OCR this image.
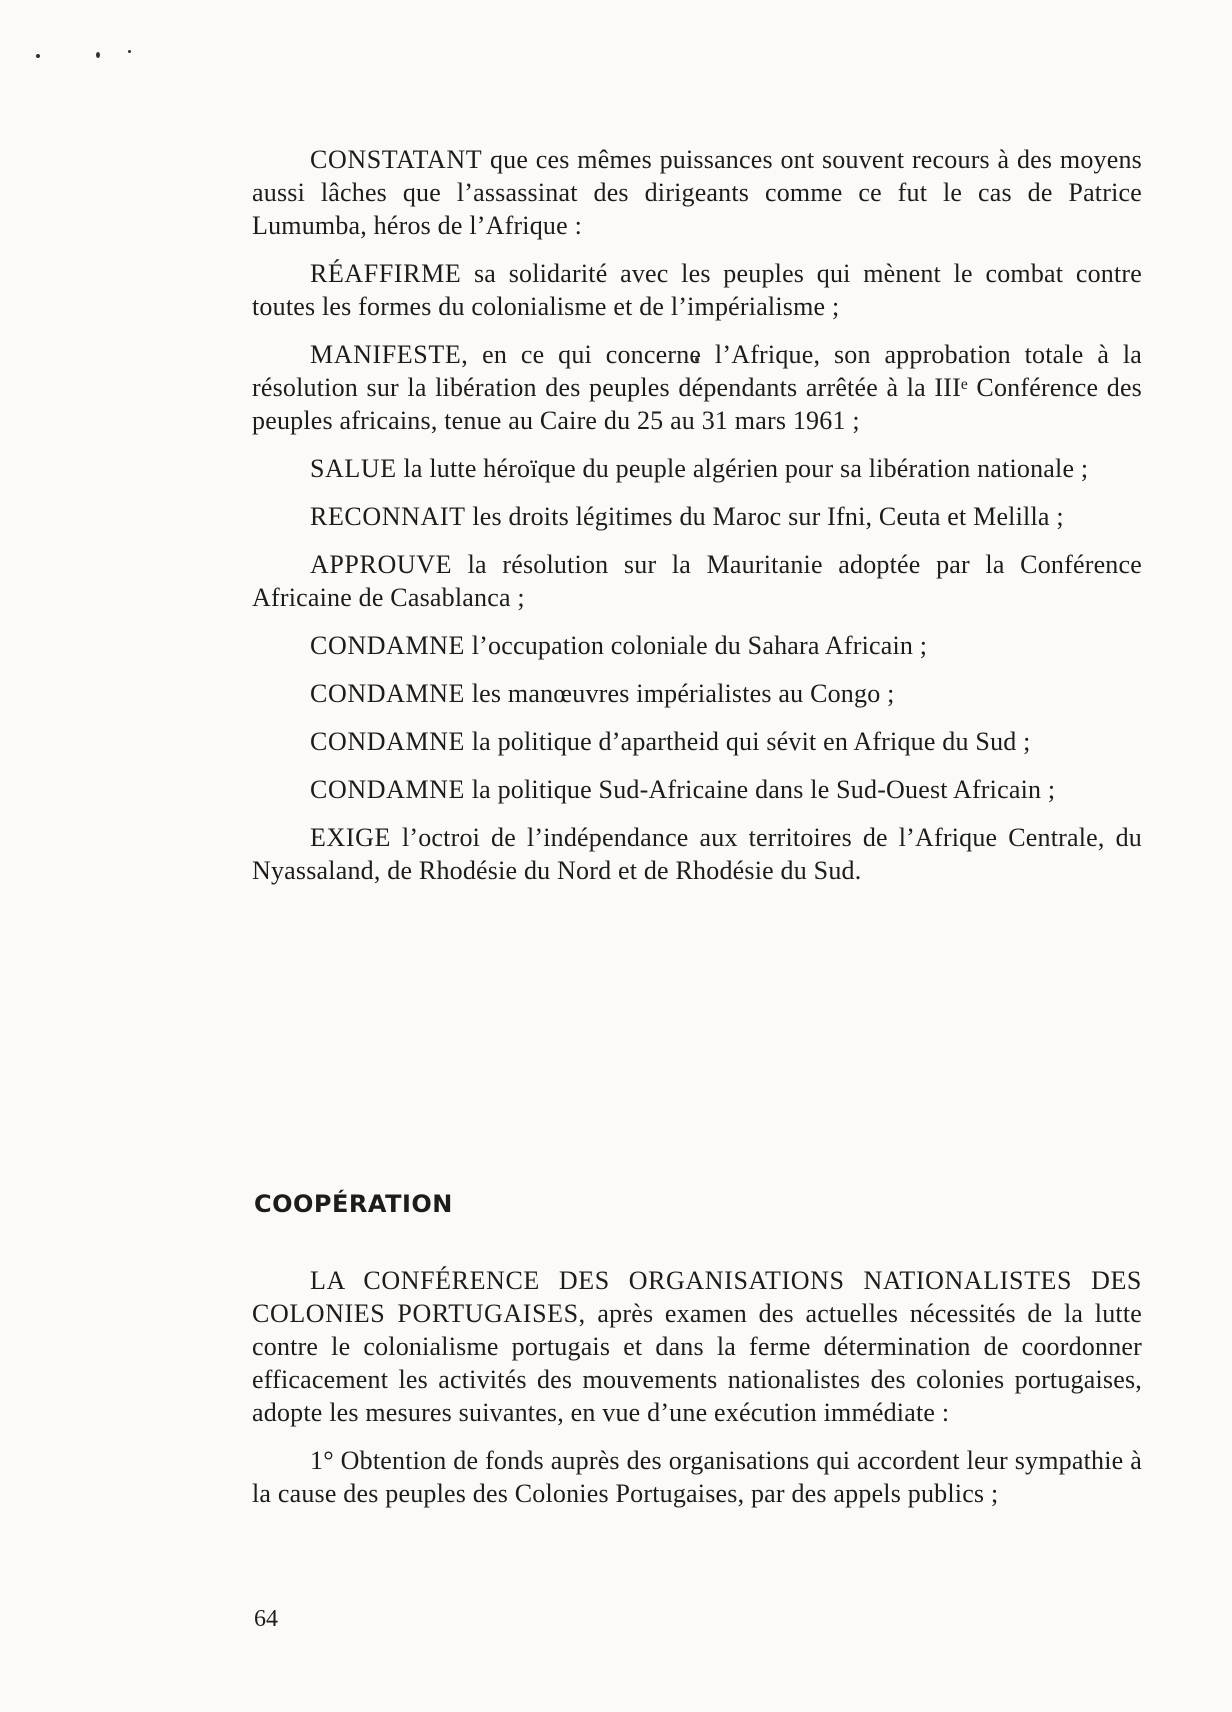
CONSTATANT que ces mêmes puissances ont souvent recours à des moyens aussi lâches que l’assassinat des dirigeants comme ce fut le cas de Patrice Lumumba, héros de l’Afrique :

RÉAFFIRME sa solidarité avec les peuples qui mènent le combat contre toutes les formes du colonialisme et de l’impérialisme ;

MANIFESTE, en ce qui concerne l’Afrique, son approbation totale à la résolution sur la libération des peuples dépendants arrêtée à la IIIᵉ Conférence des peuples africains, tenue au Caire du 25 au 31 mars 1961 ;

SALUE la lutte héroïque du peuple algérien pour sa libération nationale ;

RECONNAIT les droits légitimes du Maroc sur Ifni, Ceuta et Melilla ;

APPROUVE la résolution sur la Mauritanie adoptée par la Conférence Africaine de Casablanca ;

CONDAMNE l’occupation coloniale du Sahara Africain ;

CONDAMNE les manœuvres impérialistes au Congo ;

CONDAMNE la politique d’apartheid qui sévit en Afrique du Sud ;

CONDAMNE la politique Sud-Africaine dans le Sud-Ouest Africain ;

EXIGE l’octroi de l’indépendance aux territoires de l’Afrique Centrale, du Nyassaland, de Rhodésie du Nord et de Rhodésie du Sud.

COOPÉRATION

LA CONFÉRENCE DES ORGANISATIONS NATIONALISTES DES COLONIES PORTUGAISES, après examen des actuelles nécessités de la lutte contre le colonialisme portugais et dans la ferme détermination de coordonner efficacement les activités des mouvements nationalistes des colonies portugaises, adopte les mesures suivantes, en vue d’une exécution immédiate :

1° Obtention de fonds auprès des organisations qui accordent leur sympathie à la cause des peuples des Colonies Portugaises, par des appels publics ;

64
